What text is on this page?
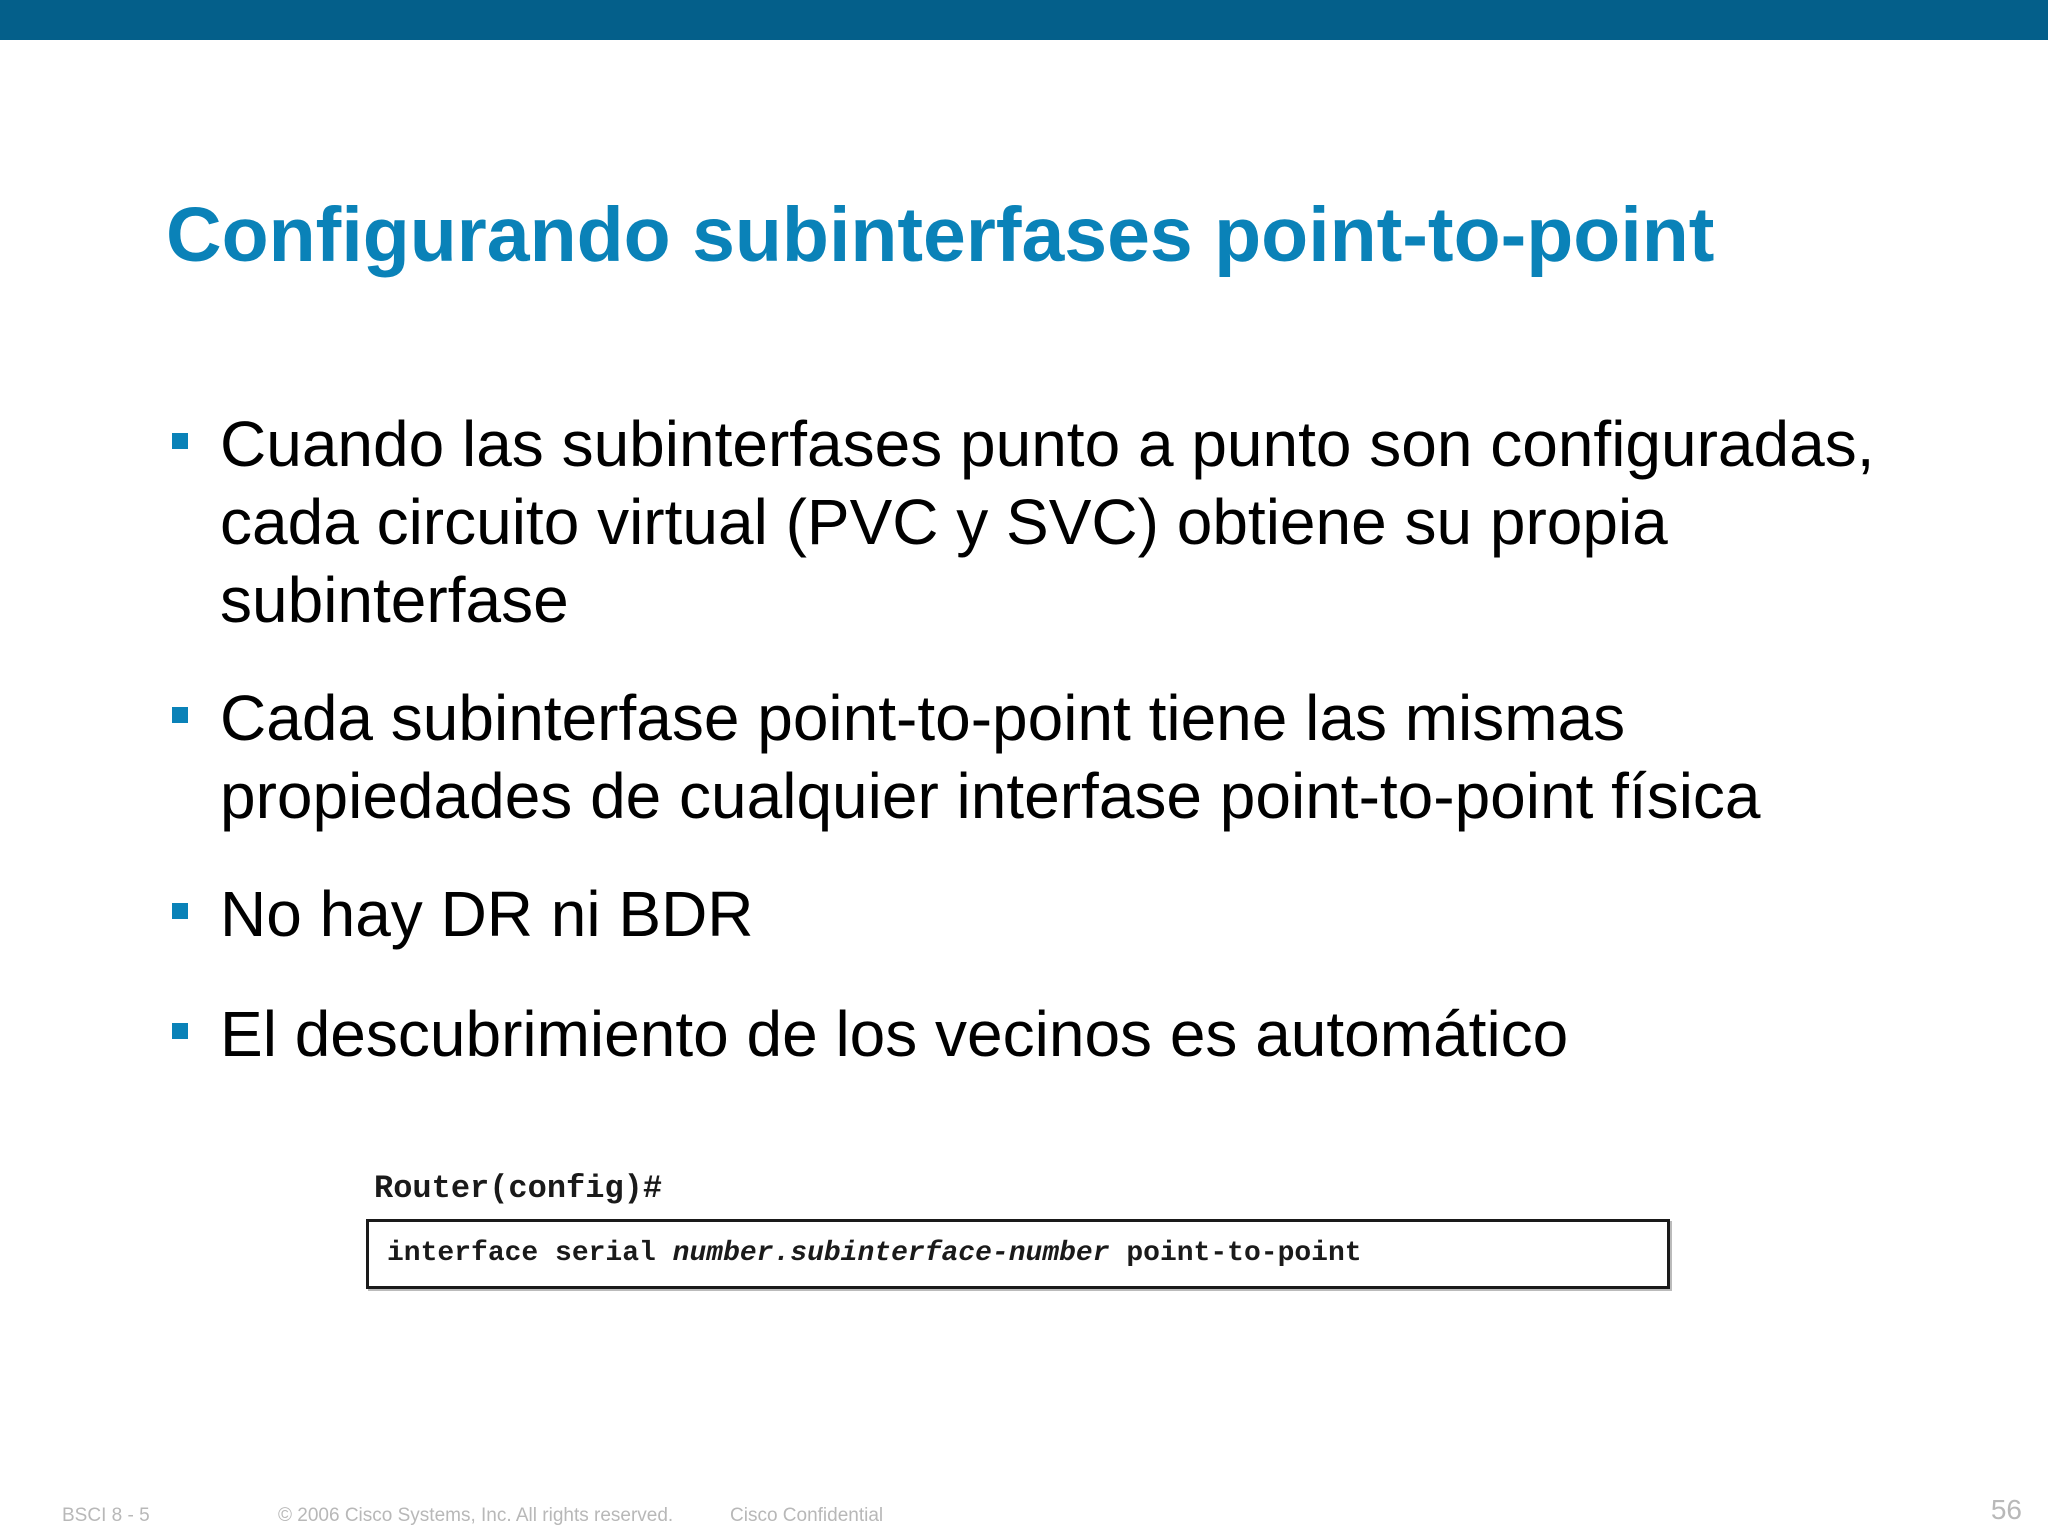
Configurando subinterfases point-to-point
Cuando las subinterfases punto a punto son configuradas, cada circuito virtual (PVC y SVC) obtiene su propia subinterfase
Cada subinterfase point-to-point tiene las mismas propiedades de cualquier interfase point-to-point física
No hay DR ni BDR
El descubrimiento de los vecinos es automático
Router(config)#
interface serial number.subinterface-number point-to-point
BSCI 8 - 5	© 2006 Cisco Systems, Inc. All rights reserved.	Cisco Confidential	56
